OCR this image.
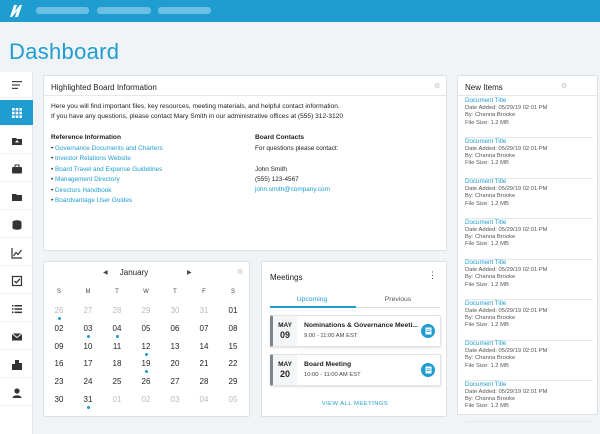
Dashboard
Highlighted Board Information	⚙
Here you will find important files, key resources, meeting materials, and helpful contact information.
If you have any questions, please contact Mary Smith in our administrative offices at (555) 312-3120
Reference Information
• Governance Documents and Charters
• Investor Relations Website
• Board Travel and Expense Guidelines
• Management Directory
• Directors Handbook
• Boardvantage User Guides
Board Contacts
For questions please contact:
John Smith
(555) 123-4567
john.smith@company.com
New Items	⚙
Document Title
Date Added: 05/29/19 02:01 PM
By: Channa Brooke
File Size: 1.2 MB
Document Title
Date Added: 05/29/19 02:01 PM
By: Channa Brooke
File Size: 1.2 MB
Document Title
Date Added: 05/29/19 02:01 PM
By: Channa Brooke
File Size: 1.2 MB
Document Title
Date Added: 05/29/19 02:01 PM
By: Channa Brooke
File Size: 1.2 MB
Document Title
Date Added: 05/29/19 02:01 PM
By: Channa Brooke
File Size: 1.2 MB
Document Title
Date Added: 05/29/19 02:01 PM
By: Channa Brooke
File Size: 1.2 MB
Document Title
Date Added: 05/29/19 02:01 PM
By: Channa Brooke
File Size: 1.2 MB
Document Title
Date Added: 05/29/19 02:01 PM
By: Channa Brooke
File Size: 1.2 MB
◀	January	▶	⚙
S	M	T	W	T	F	S
26	27	28	29	30	31	01
02	03	04	05	06	07	08
09	10	11	12	13	14	15
16	17	18	19	20	21	22
23	24	25	26	27	28	29
30	31	01	02	03	04	05
Meetings	⋮
Upcoming	Previous
MAY
09
Nominations & Governance Meeti...
9:00 - 11:00 AM EST
MAY
20
Board Meeting
10:00 - 11:00 AM EST
VIEW ALL MEETINGS
